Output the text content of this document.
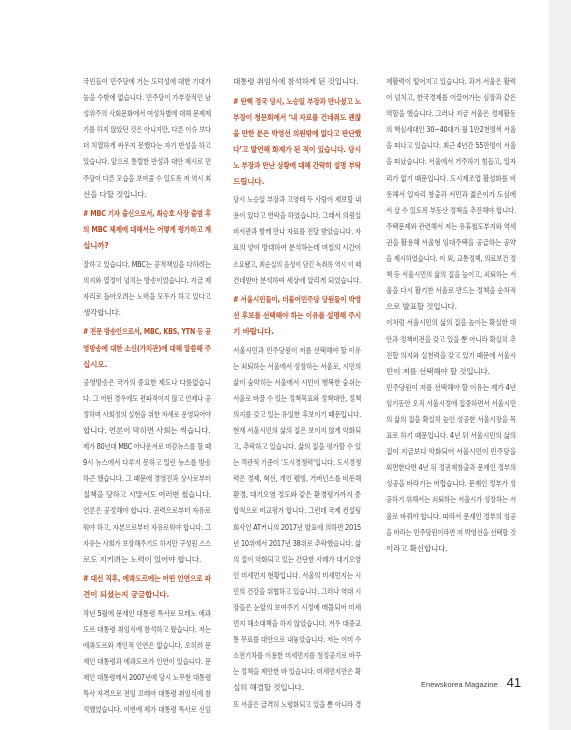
국민들이 민주당에 거는 도덕성에 대한 기대가
높을 수밖에 없습니다. 민주당이 가부장적인 남
성위주의 사회문화에서 여성차별에 대해 문제제
기를 하지 않았던 것은 아니지만, 다른 이슈 보다
더 치열하게 싸우지 못했다는 자기 반성을 하고
있습니다. 앞으로 통렬한 반성과 대안 제시로 민
주당이 다른 모습을 보여줄 수 있도록 저 역시 최
선을 다할 것입니다.
# MBC 기자 출신으로서, 최승호 사장 출범 후
의 MBC 체제에 대해서는 어떻게 평가하고 계
십니까?
잘하고 있습니다. MBC는 공적책임을 다하려는
의지와 열정이 넘치는 방송이었습니다. 지금 제
자리로 돌아오려는 노력을 모두가 하고 있다고
생각합니다.
# 전문 방송인으로서, MBC, KBS, YTN 등 공
영방송에 대한 소신(가치관)에 대해 말씀해 주
십시오.
공영방송은 국가의 중요한 제도나 다름없습니
다. 그 어떤 경우에도 편파적이지 않고 언제나 공
정하며 사회정의 실현을 위한 자세로 운영되어야
합니다. 언론이 막히면 사회는 썩습니다.
제가 80년대 MBC 아나운서로 마감뉴스를 할 때
9시 뉴스에서 다루지 못하고 밀린 뉴스를 방송
하곤 했습니다. 그 때문에 경영진과 상사로부터
질책을 당하고 시말서도 여러번 썼습니다.
언론은 공정해야 합니다. 권력으로부터 자유로
워야 하고, 자본으로부터 자유로워야 합니다. 그
자유는 사회가 보장해주기도 하지만 구성원 스스
로도 지키려는 노력이 있어야 합니다.
# 대선 직후, 에콰도르에는 어떤 인연으로 파
견이 되셨는지 궁금합니다.
작년 5월에 문재인 대통령 특사로 모레노 에콰
도르 대통령 취임식에 참석하고 왔습니다. 저는
에콰도르와 개인적 인연은 없습니다. 오히려 문
재인 대통령과 에콰도르가 인연이 있습니다. 문
재인 대통령께서 2007년에 당시 노무현 대통령
특사 자격으로 전임 꼬레아 대통령 취임식에 참
석했었습니다. 이번에 제가 대통령 특사로 신임
대통령 취임식에 참석하게 된 것입니다.
# 탄핵 정국 당시, 노승일 부장과 만나셨고 노
부장이 청문회에서 ‘내 자료를 건네줘도 괜찮
을 만한 분은 박영선 의원밖에 없다고 판단했
다’고 발언해 화제가 된 적이 있습니다. 당시
노 부장과 만난 상황에 대해 간략히 설명 부탁
드립니다.
당시 노승일 부장과 고영태 두 사람이 제보할 내
용이 있다고 연락을 하였습니다. 그래서 의원실
비서관과 함께 만나 자료를 전달 받았습니다. 자
료의 양이 방대하여 분석하는데 며칠의 시간이
소요됐고, 최순실의 음성이 담긴 녹취록 역시 이 때
건네받아 분석하여 세상에 알리게 되었습니다.
# 서울시민들이, 더불어민주당 당원들이 박영
선 후보를 선택해야 하는 이유를 설명해 주시
기 바랍니다.
서울시민과 민주당원이 저를 선택해야 할 이유
는 쇠퇴하는 서울에서 성장하는 서울로, 시민의
삶이 숨막히는 서울에서 시민이 행복한 숨쉬는
서울로 바꿀 수 있는 정책목표와 정책대안, 정책
의지를 갖고 있는 유일한 후보이기 때문입니다.
현재 서울시민의 삶의 질은 보이지 않게 악화되
고, 추락하고 있습니다. 삶의 질을 평가할 수 있
는 객관적 기준이 ‘도시경쟁력’입니다. 도시경쟁
력은 경제, 혁신, 개인 웰빙, 거버넌스를 비롯해
환경, 대기오염 정도와 같은 환경평가까지 종
합적으로 비교평가 합니다. 그런데 국제 컨설팅
회사인 AT커니의 2017년 발표에 의하면 2015
년 10위에서 2017년 38위로 추락했습니다. 삶
의 질이 악화되고 있는 간단한 사례가 대기오염
인 미세먼지 현황입니다. 서울의 미세먼지는 시
민의 건강을 위협하고 있습니다. 그러나 역대 시
장들은 눈앞의 보여주기 시정에 매몰되어 미세
먼지 해소대책을 하지 않았습니다. 겨우 대중교
통 무료를 대안으로 내놓았습니다. 저는 이미 수
소전기차를 이용한 미세먼지를 청정공기로 바꾸
는 정책을 제안한 바 있습니다. 미세먼지만은 확
실히 해결할 것입니다.
또 서울은 급격히 노령화되고 있을 뿐 아니라 경
제활력이 떨어지고 있습니다. 과거 서울은 활력
이 넘치고, 한국경제를 이끌어가는 심장과 같은
역할을 했습니다. 그러나 지금 서울은 경제활동
의 핵심세대인 30~40대가 월 1만2천명씩 서울
을 떠나고 있습니다. 최근 4년간 55만명이 서울
을 떠났습니다. 서울에서 거주하기 힘들고, 일자
리가 없기 때문입니다. 도시제조업 활성화를 비
롯해서 일자리 창출과 서민과 젊은이가 도심에
서 살 수 있도록 부동산 정책을 추진해야 합니다.
주택문제와 관련해서 저는 유휴철도부지와 역세
권을 활용해 서울형 임대주택을 공급하는 공약
을 제시하였습니다. 이 외, 교통정책, 의료보건 정
책 등 서울시민의 삶의 질을 높이고, 쇠퇴하는 서
울을 다시 활기찬 서울로 만드는 정책을 순차적
으로 발표할 것입니다.
이처럼 서울시민의 삶의 질을 높이는 확실한 대
안과 정책비전을 갖고 있을 뿐 아니라 확실히 추
진할 의지와 실천력을 갖고 있기 때문에 서울시
민이 저를 선택해야 할 것입니다.
민주당원이 저를 선택해야 할 이유는 제가 4년
임기동안 오직 서울시정에 집중하면서 서울시민
의 삶의 질을 확실히 높인 성공한 서울시장을 목
표로 하기 때문입니다. 4년 뒤 서울시민의 삶의
질이 지금보다 악화되어 서울시민이 민주당을
외면한다면 4년 뒤 정권재창출과 문재인 정부의
성공을 바라기는 어렵습니다. 문재인 정부가 성
공하기 위해서는 쇠퇴하는 서울시가 성장하는 서
울로 바꿔야 합니다. 따라서 문재인 정부의 성공
을 바라는 민주당원이라면 저 박영선을 선택할 것
이라고 확신합니다.
Enewskorea Magazine 41
